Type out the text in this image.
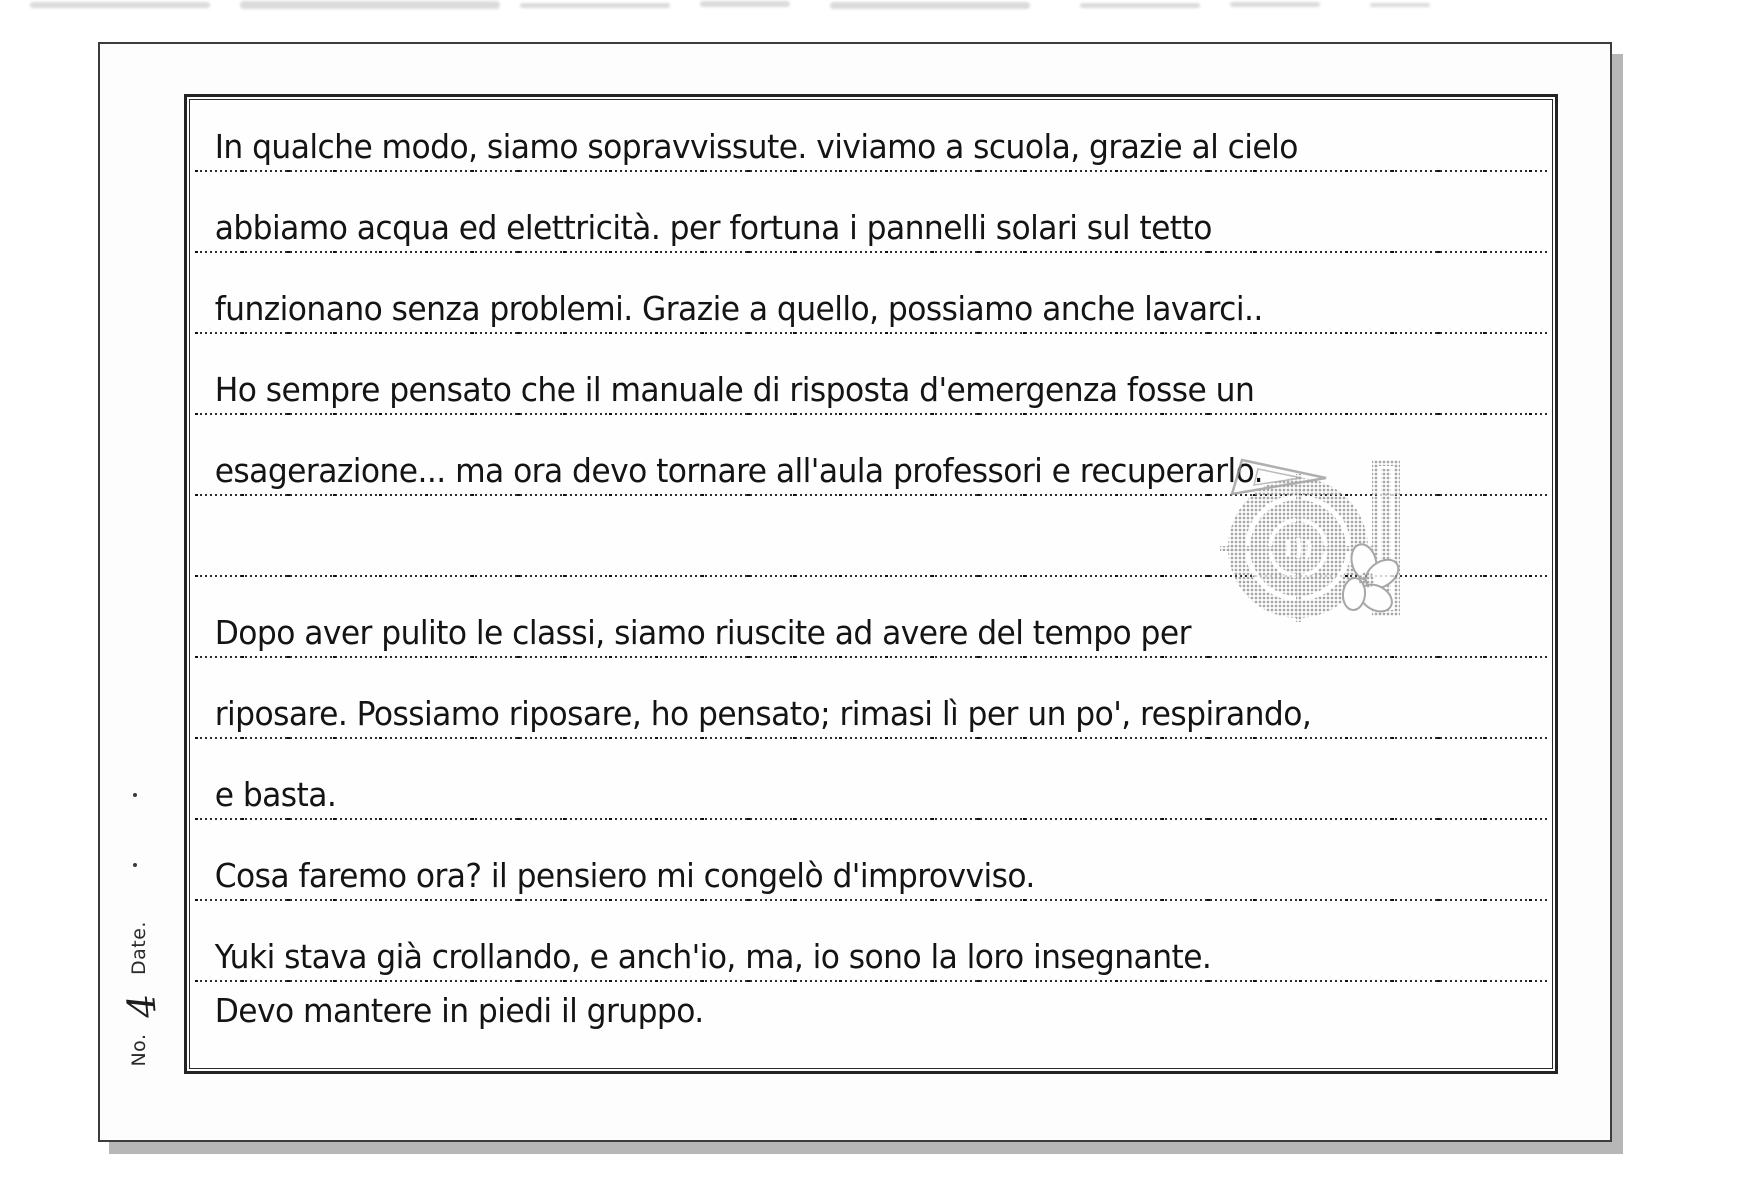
Date.
4
No.
In qualche modo, siamo sopravvissute. viviamo a scuola, grazie al cielo
abbiamo acqua ed elettricità. per fortuna i pannelli solari sul tetto
funzionano senza problemi. Grazie a quello, possiamo anche lavarci..
Ho sempre pensato che il manuale di risposta d'emergenza fosse un
esagerazione... ma ora devo tornare all'aula professori e recuperarlo.
Dopo aver pulito le classi, siamo riuscite ad avere del tempo per
riposare. Possiamo riposare, ho pensato; rimasi lì per un po', respirando,
e basta.
Cosa faremo ora? il pensiero mi congelò d'improvviso.
Yuki stava già crollando, e anch'io, ma, io sono la loro insegnante.
Devo mantere in piedi il gruppo.
